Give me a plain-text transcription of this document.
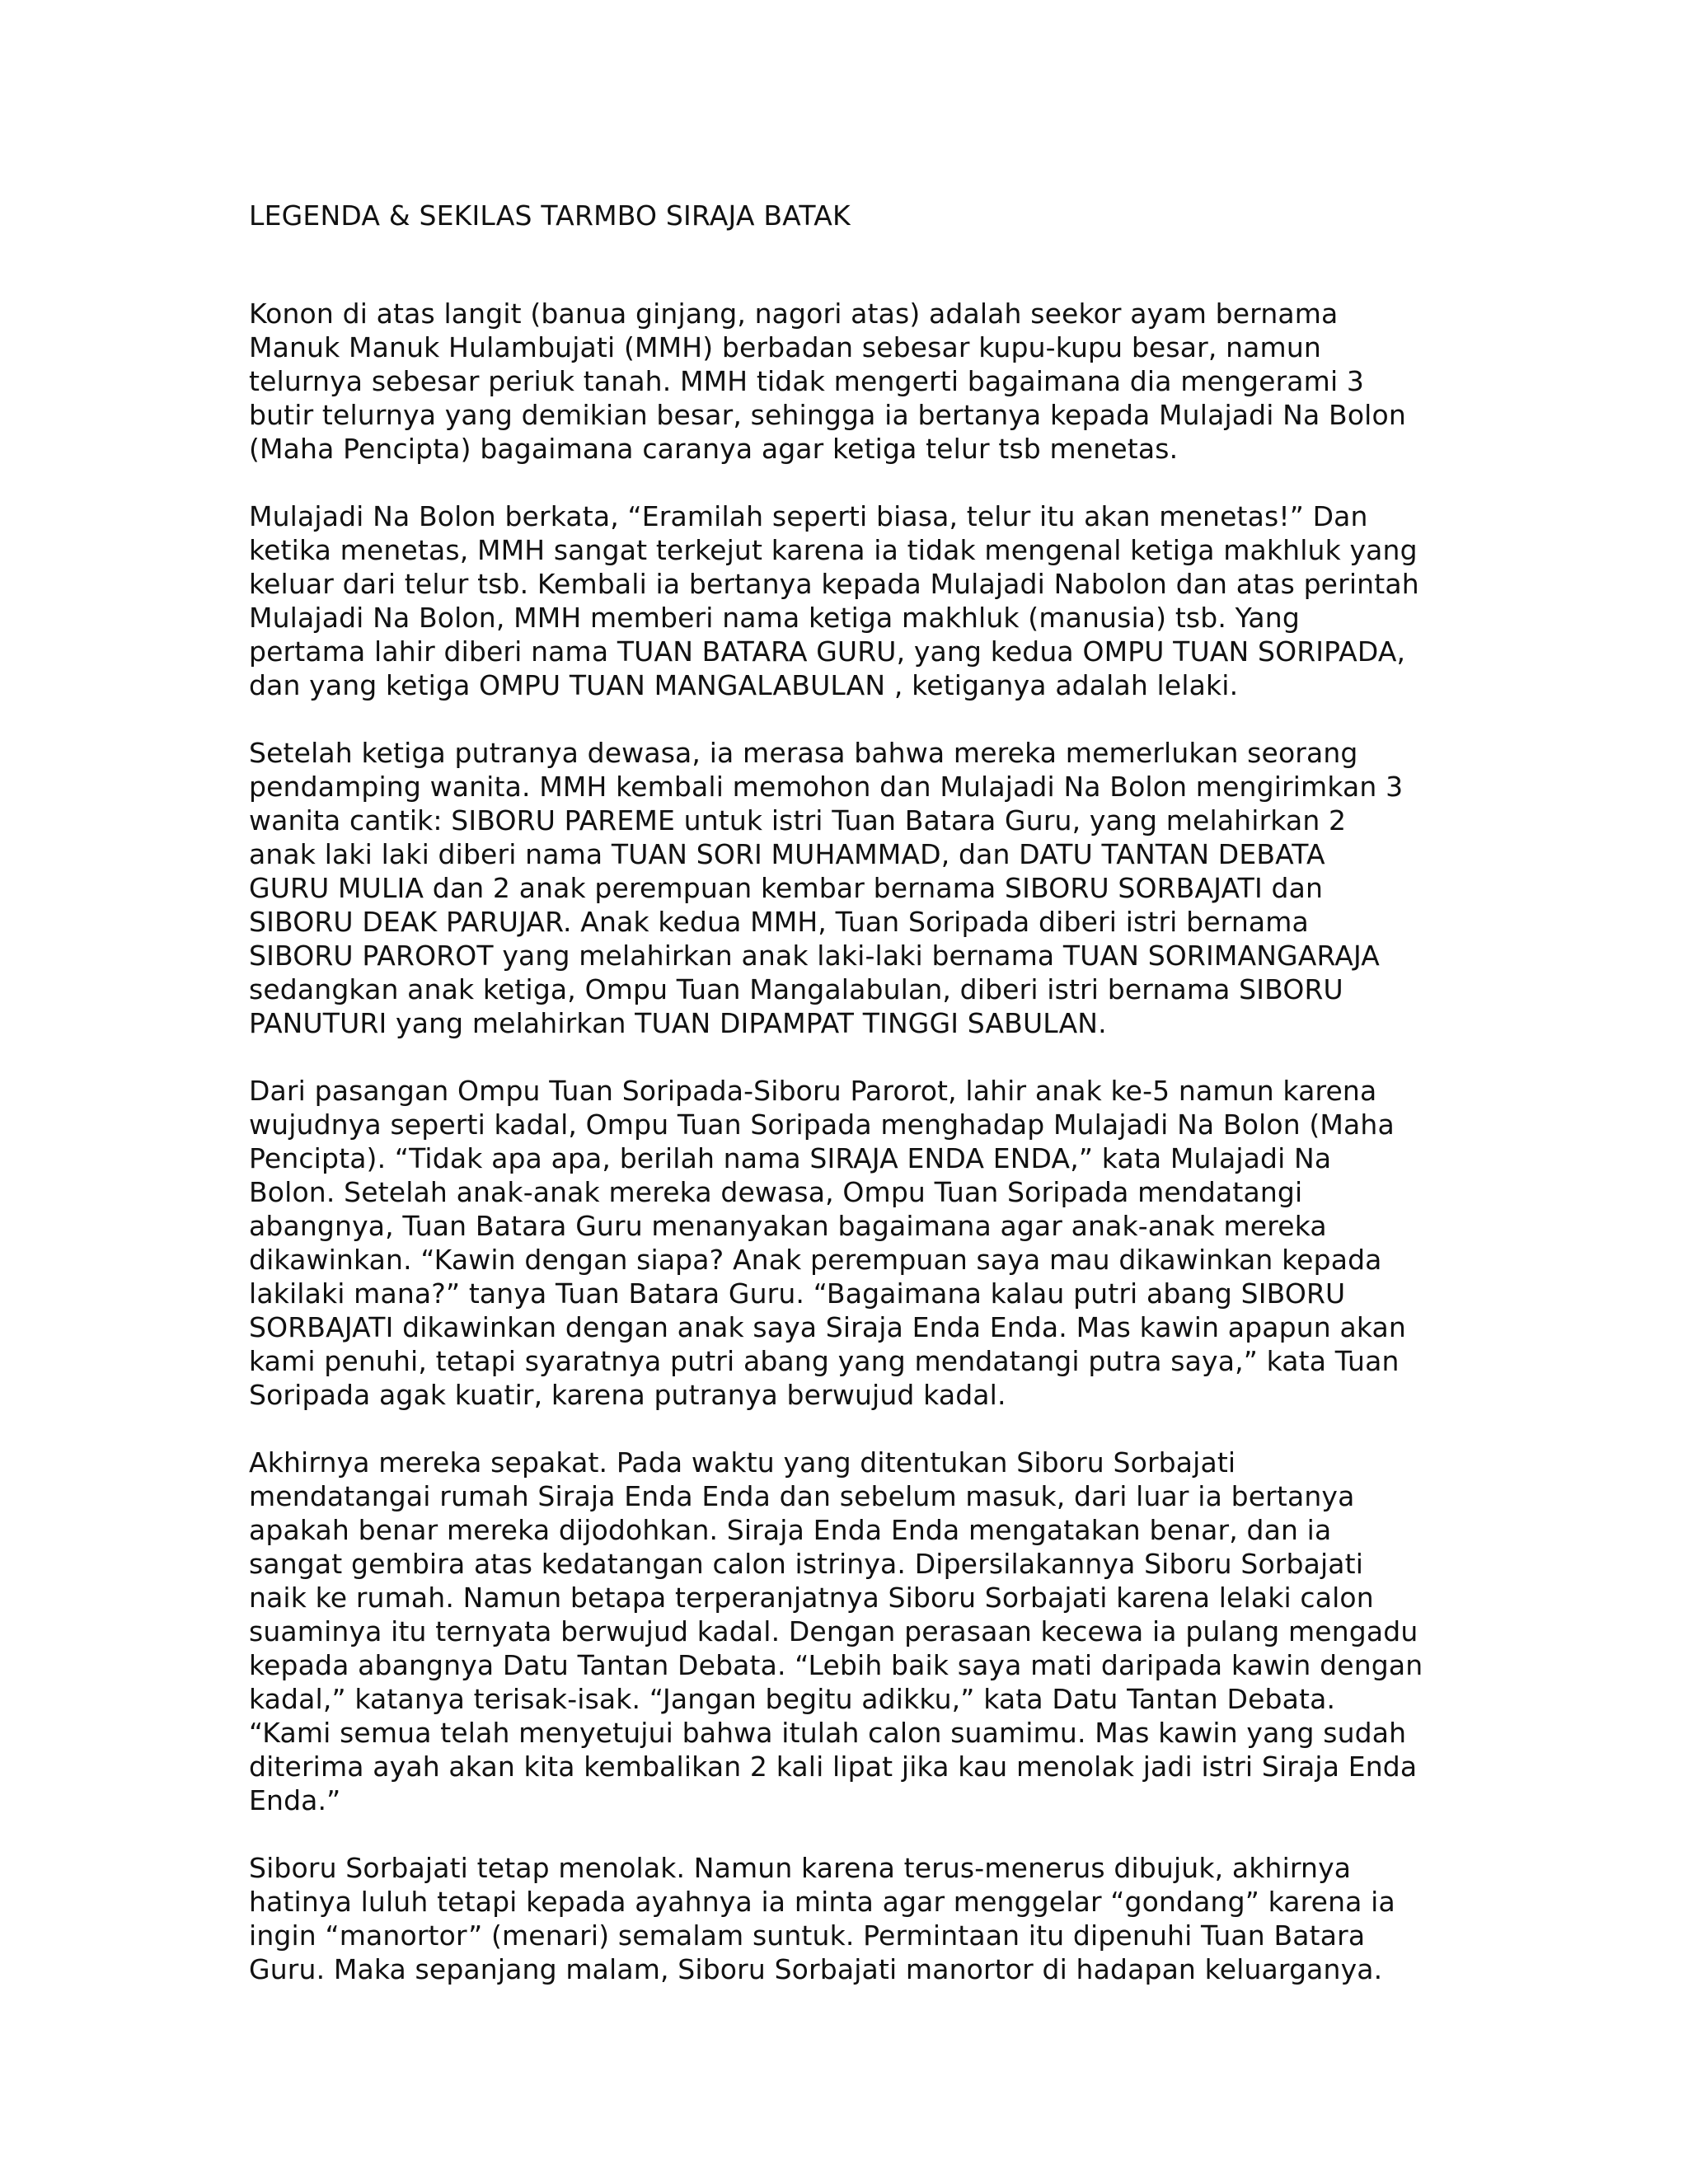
LEGENDA & SEKILAS TARMBO SIRAJA BATAK

Konon di atas langit (banua ginjang, nagori atas) adalah seekor ayam bernama
Manuk Manuk Hulambujati (MMH) berbadan sebesar kupu-kupu besar, namun
telurnya sebesar periuk tanah. MMH tidak mengerti bagaimana dia mengerami 3
butir telurnya yang demikian besar, sehingga ia bertanya kepada Mulajadi Na Bolon
(Maha Pencipta) bagaimana caranya agar ketiga telur tsb menetas.

Mulajadi Na Bolon berkata, “Eramilah seperti biasa, telur itu akan menetas!” Dan
ketika menetas, MMH sangat terkejut karena ia tidak mengenal ketiga makhluk yang
keluar dari telur tsb. Kembali ia bertanya kepada Mulajadi Nabolon dan atas perintah
Mulajadi Na Bolon, MMH memberi nama ketiga makhluk (manusia) tsb. Yang
pertama lahir diberi nama TUAN BATARA GURU, yang kedua OMPU TUAN SORIPADA,
dan yang ketiga OMPU TUAN MANGALABULAN , ketiganya adalah lelaki.

Setelah ketiga putranya dewasa, ia merasa bahwa mereka memerlukan seorang
pendamping wanita. MMH kembali memohon dan Mulajadi Na Bolon mengirimkan 3
wanita cantik: SIBORU PAREME untuk istri Tuan Batara Guru, yang melahirkan 2
anak laki laki diberi nama TUAN SORI MUHAMMAD, dan DATU TANTAN DEBATA
GURU MULIA dan 2 anak perempuan kembar bernama SIBORU SORBAJATI dan
SIBORU DEAK PARUJAR. Anak kedua MMH, Tuan Soripada diberi istri bernama
SIBORU PAROROT yang melahirkan anak laki-laki bernama TUAN SORIMANGARAJA
sedangkan anak ketiga, Ompu Tuan Mangalabulan, diberi istri bernama SIBORU
PANUTURI yang melahirkan TUAN DIPAMPAT TINGGI SABULAN.

Dari pasangan Ompu Tuan Soripada-Siboru Parorot, lahir anak ke-5 namun karena
wujudnya seperti kadal, Ompu Tuan Soripada menghadap Mulajadi Na Bolon (Maha
Pencipta). “Tidak apa apa, berilah nama SIRAJA ENDA ENDA,” kata Mulajadi Na
Bolon. Setelah anak-anak mereka dewasa, Ompu Tuan Soripada mendatangi
abangnya, Tuan Batara Guru menanyakan bagaimana agar anak-anak mereka
dikawinkan. “Kawin dengan siapa? Anak perempuan saya mau dikawinkan kepada
lakilaki mana?” tanya Tuan Batara Guru. “Bagaimana kalau putri abang SIBORU
SORBAJATI dikawinkan dengan anak saya Siraja Enda Enda. Mas kawin apapun akan
kami penuhi, tetapi syaratnya putri abang yang mendatangi putra saya,” kata Tuan
Soripada agak kuatir, karena putranya berwujud kadal.

Akhirnya mereka sepakat. Pada waktu yang ditentukan Siboru Sorbajati
mendatangai rumah Siraja Enda Enda dan sebelum masuk, dari luar ia bertanya
apakah benar mereka dijodohkan. Siraja Enda Enda mengatakan benar, dan ia
sangat gembira atas kedatangan calon istrinya. Dipersilakannya Siboru Sorbajati
naik ke rumah. Namun betapa terperanjatnya Siboru Sorbajati karena lelaki calon
suaminya itu ternyata berwujud kadal. Dengan perasaan kecewa ia pulang mengadu
kepada abangnya Datu Tantan Debata. “Lebih baik saya mati daripada kawin dengan
kadal,” katanya terisak-isak. “Jangan begitu adikku,” kata Datu Tantan Debata.
“Kami semua telah menyetujui bahwa itulah calon suamimu. Mas kawin yang sudah
diterima ayah akan kita kembalikan 2 kali lipat jika kau menolak jadi istri Siraja Enda
Enda.”

Siboru Sorbajati tetap menolak. Namun karena terus-menerus dibujuk, akhirnya
hatinya luluh tetapi kepada ayahnya ia minta agar menggelar “gondang” karena ia
ingin “manortor” (menari) semalam suntuk. Permintaan itu dipenuhi Tuan Batara
Guru. Maka sepanjang malam, Siboru Sorbajati manortor di hadapan keluarganya.
